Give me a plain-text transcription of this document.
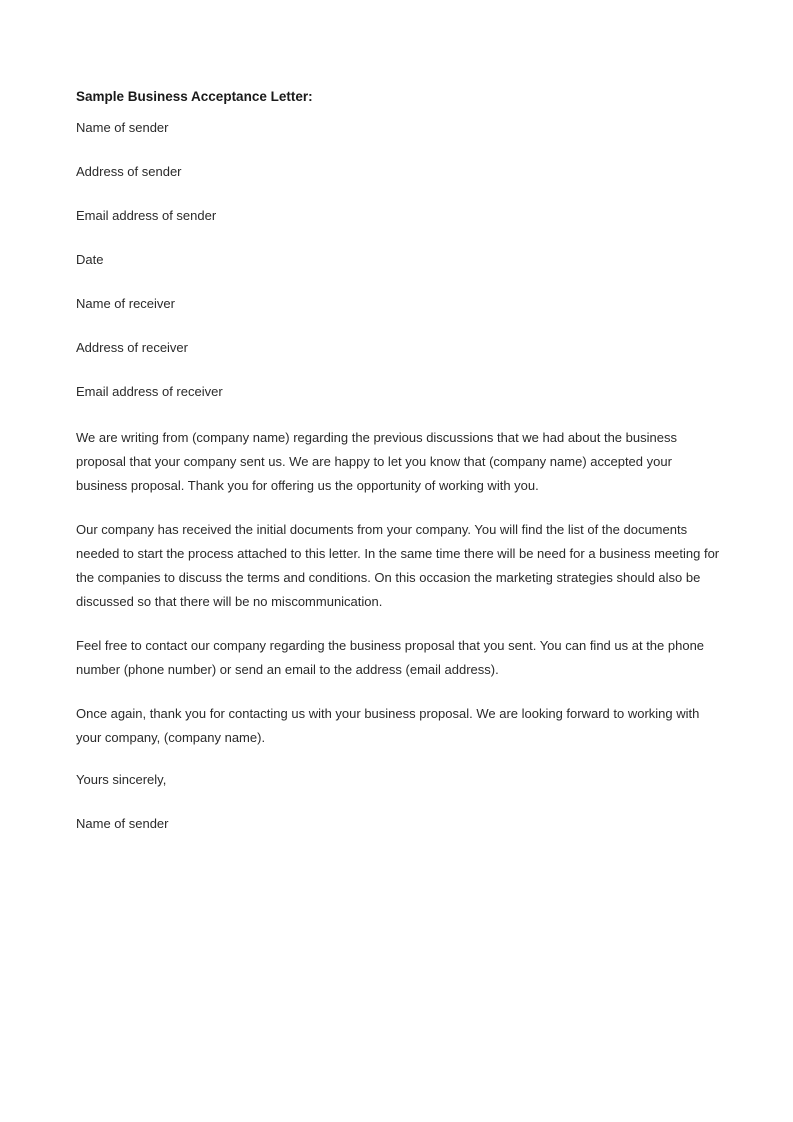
Sample Business Acceptance Letter:
Name of sender
Address of sender
Email address of sender
Date
Name of receiver
Address of receiver
Email address of receiver

We are writing from (company name) regarding the previous discussions that we had about the business proposal that your company sent us. We are happy to let you know that (company name) accepted your business proposal. Thank you for offering us the opportunity of working with you.

Our company has received the initial documents from your company. You will find the list of the documents needed to start the process attached to this letter. In the same time there will be need for a business meeting for the companies to discuss the terms and conditions. On this occasion the marketing strategies should also be discussed so that there will be no miscommunication.

Feel free to contact our company regarding the business proposal that you sent. You can find us at the phone number (phone number) or send an email to the address (email address).

Once again, thank you for contacting us with your business proposal. We are looking forward to working with your company, (company name).

Yours sincerely,
Name of sender
